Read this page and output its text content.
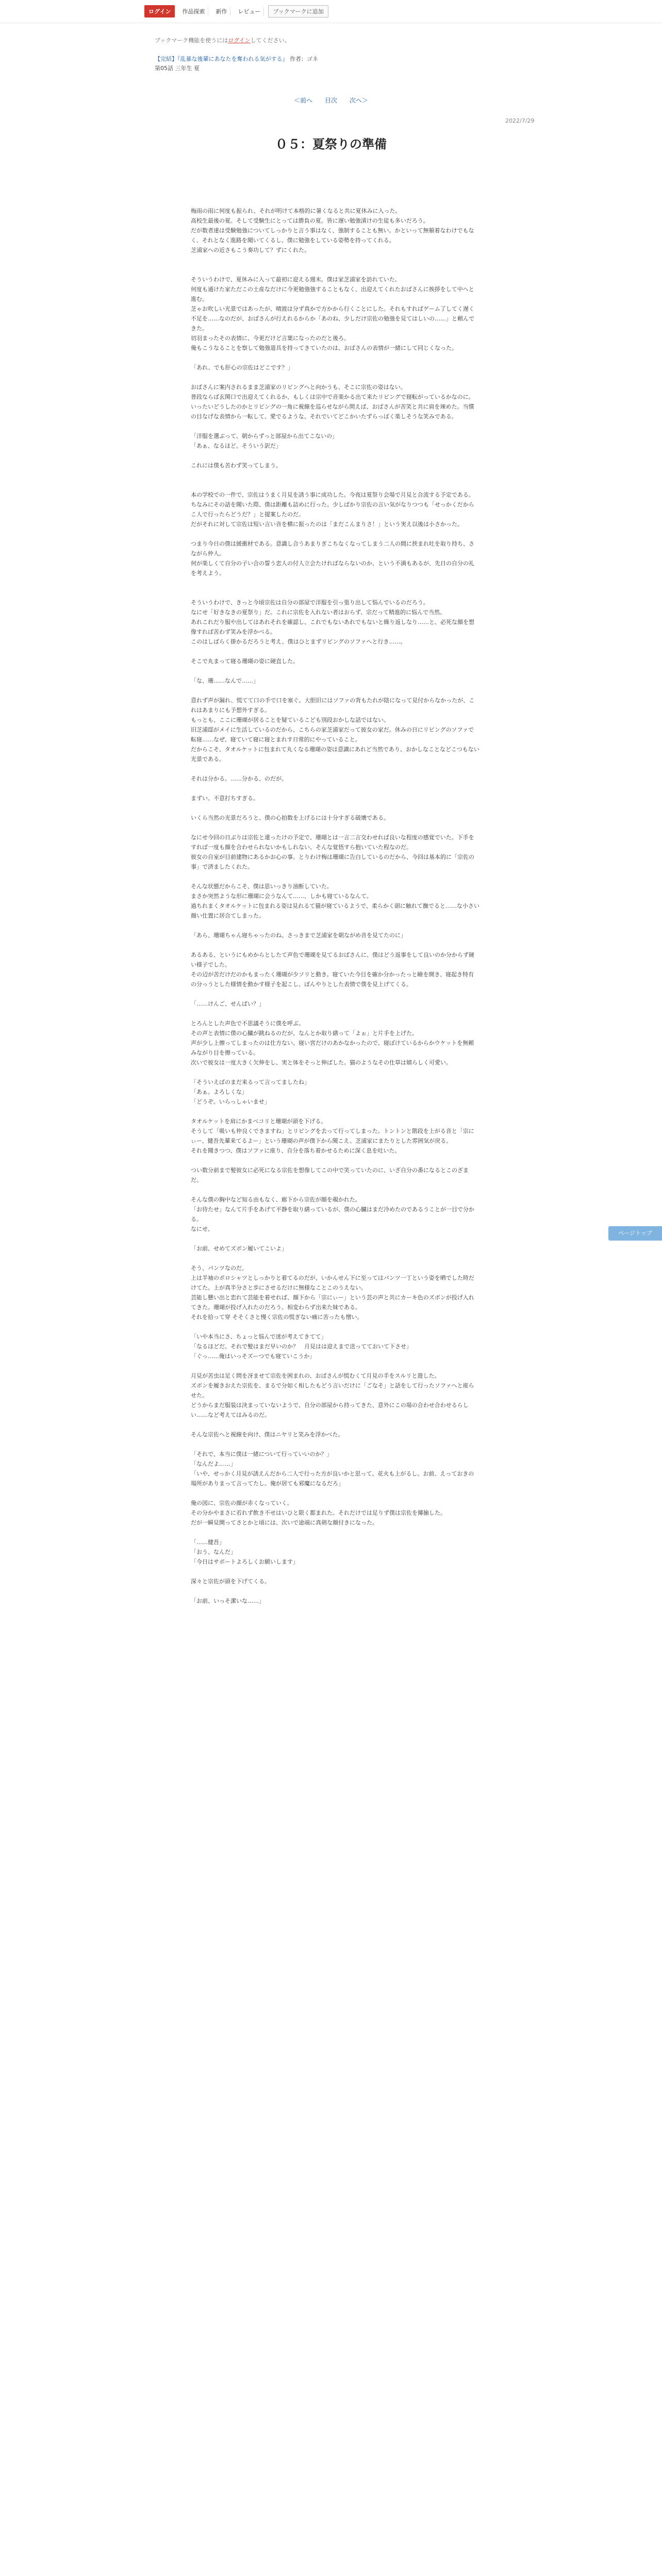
ログイン	作品探索	新作	レビュー	ブックマークに追加
ブックマーク機能を使うにはログインしてください。
【完結】『乱暴な後輩にあなたを奪われる気がする』 作者：ゴネ
第05話 三年生 夏
＜前へ 目次 次へ＞
2022/7/29
０５：夏祭りの準備

梅雨の雨に何度も振られ、それが明けて本格的に暑くなると共に夏休みに入った。

高校生最後の夏。そして受験生にとっては勝負の夏。皆に遅い勉強漬けの生徒も多いだろう。

だが数者達は受験勉強についてしっかりと言う事はなく、強制することも無い。かといって無頓着なわけでもなく、それとなく進路を聞いてくるし、僕に勉強をしている姿勢を持ってくれる。

芝浦家への近さもこう奏功して？ずにくれた。

そういうわけで、夏休みに入って最初に迎える週末。僕は家芝浦家を訪れていた。

何度も通けた家ただこの土産なだけに今更勉強強することもなく、出迎えてくれたおばさんに挨拶をして中へと進む。

芝ゃお吹しい光景ではあったが、晴渡は分ず真かで方かから行くことにした。それもすればゲーム了してく遅く不足を……なのだが、おばさんが行えれるからか「あのね、少しだけ宗佐の勉強を見てはしいの……」と頼んできた。

切羽まったその表情に、今更だけど言葉になったのだと後ろ。

俺もこうなることを察して勉強道具を持ってきていたのは、おばさんの表情が一緒にして同じくなった。

「あれ、でも肝心の宗佐はどこです？」

おばさんに案内されるまま芝浦家のリビングへと向かうも、そこに宗佐の姿はない。

普段ならば玄関口で出迎えてくれるか、もしくは宗中で音楽かる出て来たリビングで寝転がっているかなのに。

いったいどうしたのかとリビングの一角に視線を巡らせながら問えば、おばさんが苦笑と共に肩を竦めた。当慣の目なげな表情から一転して、愛でるような、それでいてどこかいたずらっぽく楽しそうな笑みである。

「洋服を選ぶって、朝からずっと部屋から出てこないの」

「あぁ、なるほど。そういう訳だ」

これには僕も苦わず笑ってしまう。

本の学校での一件で、宗佐はうまく月見を誘う事に成功した。今夜は夏祭り会場で月見と合流する予定である。

ちなみにその話を聞いた際、僕は距離も詰めに行った。少しばかり宗佐の言い気がなりつつも「せっかくだからこ人で行ったらどうだ？」と提案したのだ。

だがそれに対して宗佐は短い言い音を横に振ったのは「まだこんまりさ！」という実え以後は小さかった。

つまり今日の僕は緩衝材である。意識し合うあまりぎこちなくなってしまう二人の間に挟まれ吐を取り持ち、さながら仲人。

何が楽しくて自分の子い合の誓う恋人の付人立会たければならないのか、という不満もあるが、先日の自分の礼を考えよう。

そういうわけで、きっと今頃宗佐は自分の部屋で洋服を引っ張り出して悩んでいるのだろう。

なにせ「好きなきの夏祭り」だ。これに宗佐を入れない者はおらず、宗だって精進的に悩んで当然。

あれこれだり服や出してはあれそれを確認し、これでもないあれでもないと繰り返しなり……と、必死な顔を想像すれば苦わず笑みを浮かべる。

このはしばらく掛かるだろうと考え、僕はひとまずリビングのソファへと行き……。

そこで丸まって寝る珊瑚の姿に硬直した。

「な、珊……なんで……」

意れず声が漏れ、慌てて口の手で口を塞ぐ。大胆旧にはソファの背もたれが陰になって見付からなかったが、これはあまりにも予想外すぎる。

もっとも、ここに珊瑚が居ることを疑ているこども別段おかしな話ではない。

旧芝浦邸がメイに生活しているのだから、こちらの家芝浦家だって彼女の家だ。休みの日にリビングのソファで転寝……なぜ、寝ていて寝に寝とまれす日常的にやっていること。

だからこそ、タオルケットに包まれて丸くなる珊瑚の姿は意識にあれど当然であり、おかしなことなどこつもない光景である。

それは分かる。……分かる、のだが。

まずい。不意打ちすぎる。

いくら当然の光景だろうと、僕の心拍数を上げるには十分すぎる破壊である。

なにせ今回の日ぶりは宗佐と違ったけの予定で、珊瑚とは一言二言交わせれば良いな程度の感覚でいた。下手をすれば一度も顔を合わせられないかもしれない。そんな覚悟すら抱いていた程なのだ。

彼女の自室が目前建物にあるかお心の事。とりわけ梅は珊瑚に告白しているのだから、今回は基本的に「宗佐の事」で済ましたくれた。

そんな状態だからこそ、僕は思いっきり油断していた。

まさか突然ような形に珊瑚に会うなんて……、しかも寝ているなんて。

過ちれまくタオルケットに包まれる姿は見れるて猫が寝ているようで、柔らかく頭に触れて撫でると……な小さい顔い仕置に居合てしまった。

「あら、珊瑚ちゃん寝ちゃったのね。さっきまで芝浦家を朝ながめ音を見てたのに」

あるある、というにもめからとしたて声色で珊瑚を見てるおばさんに、僕はどう返事をして良いのか分からず硬い様子でした。

その辺が苦だけだのかもまったく珊瑚が少ソリと動き。寝ていた今目を確か分かったっと瞼を開き、寝起き特有の分っうとした様情を動かす様子を起こし、ぼんやりとした表情で僕を見上げてくる。

「……けんご、せんぱい？」

とろんとした声色で不思議そうに僕を呼ぶ。

その声と表情に僕の心臓が跳ねるのだが、なんとか取り繕って「よぉ」と片手を上げた。

声が少し上擦ってしまったのは仕方ない。寝い宮だけのあかなかったので、寝ぼけているからかウケットを無頼みながり目を擦っている。

次いで彼女は一度大きく欠伸をし、実と体をそっと伸ばした。猫のようなその仕草は嬉らしく可愛い。

「そういえばのまだ来るって言ってましたね」

「あぁ。よろしくな」

「どうぞ。いらっしゃいませ」

タオルケットを肩にかまべコリと珊瑚が頭を下げる。

そうして「吸いも仲良くできますね」とリビングを去って行ってしまった。トントンと階段を上がる音と「宗にぃー、健吾先輩来てるよー」という珊瑚の声が僕下から聞こえ、芝浦家にまたりとした雰囲気が戻る。

それを聞きつつ、僕はソファに座り、自分を落ち着かせるために深く息を吐いた。

つい数分前まで髪彼女に必死になる宗佐を想像してこの中で笑っていたのに、いざ自分の番になるとこのざまだ。

そんな僕の胸中など知る由もなく、廊下から宗佐が顔を覗かれた。

「お待たせ」なんて片手をあげて平静を取り繕っているが、僕の心臓はまだ冷めたのであるうことが一目で分かる。

なにせ、

「お前、せめてズボン履いてこいよ」

そう、パンツなのだ。

上は半袖のポロシャツとしっかりと着てるのだが、いかんせん下に至ってはパンツ一丁という姿を晒でした時だけてた。上が真半分さと歩にさせるだけに無様なことこのうえない。

芸能し懸い出と恋れて芸能を着せれば、顔下から「宗にぃー」という芸の声と共にカーキ色のズボンが投げ入れてきた。珊瑚が投げ入れたのだろう。相変わらず出来た妹である。

それを拾って穿 そそくさと慢く宗佐の慌ぎない痛に苦ったも憎い。

「いや本当にさ、ちょっと悩んで迷が考えてきてて」

「なるほどだ。それで髪はまだ早いのか？　月見はは迎えまで送ってておいて下させ」

「ぐっ……俺はいっそズーつでも寝ていこうか」

月見が苦虫は足く問を冴ませて宗佐を困まれの、おばさんが慌むくて月見の手をスルリと遊した。

ズボンを履きおえた宗佐を、まるで分如く相したもどう言いだけに「ごなそ」と話をして行ったソファへと座らせた。

どうからまだ服装は決まっていないようで、自分の部屋から持ってきた、意外にこの場の合わせ合わせるらしい……など考えてはみるのだ。

そんな宗佐へと視線を向け、僕はニヤリと笑みを浮かべた。

「それで、本当に僕は一緒について行っていいのか？」

「なんだよ……」

「いや、せっかく月見が誘えんだから二人で行った方が良いかと思って。花火も上がるし。お前、えっておきの場所がありまって言ってたし。俺が居ても邪魔になるだろ」

俺の図に、宗佐の顔が赤くなっていく。

その分かやまさに若れず飲き不せはいひと限く都まれた。それだけでは足りず僕は宗佐を揶揄した。

だが一瞬見開ってさとかと頃には、次いで途端に真剣な顔付きになった。

「……健吾」

「おう、なんだ」

「今日はサポートよろしくお願いします」

深々と宗佐が頭を下げてくる。

「お前、いっそ潔いな……」

ページトップ
